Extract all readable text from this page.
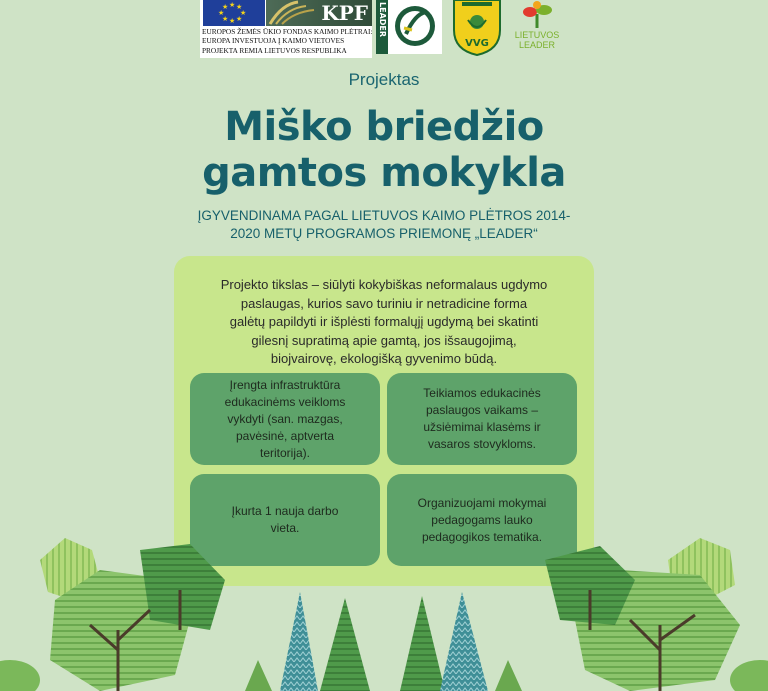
★ ★
★
★
★
★
★
★	KPF
EUROPOS ŽEMĖS ŪKIO FONDAS KAIMO PLĖTRAI:
EUROPA INVESTUOJA Į KAIMO VIETOVES
PROJEKTA REMIA LIETUVOS RESPUBLIKA
LEADER
VVG
LIETUVOS
LEADER
Projektas
Miško briedžio
gamtos mokykla
ĮGYVENDINAMA PAGAL LIETUVOS KAIMO PLĖTROS 2014-
2020 METŲ PROGRAMOS PRIEMONĘ „LEADER“
Projekto tikslas – siūlyti kokybiškas neformalaus ugdymo
paslaugas, kurios savo turiniu ir netradicine forma
galėtų papildyti ir išplėsti formalųjį ugdymą bei skatinti
gilesnį supratimą apie gamtą, jos išsaugojimą,
biojvairovę, ekologišką gyvenimo būdą.
Įrengta infrastruktūra
edukacinėms veikloms
vykdyti (san. mazgas,
pavėsinė, aptverta
teritorija).
Teikiamos edukacinės
paslaugos vaikams –
užsiėmimai klasėms ir
vasaros stovykloms.
Įkurta 1 nauja darbo
vieta.
Organizuojami mokymai
pedagogams lauko
pedagogikos tematika.
